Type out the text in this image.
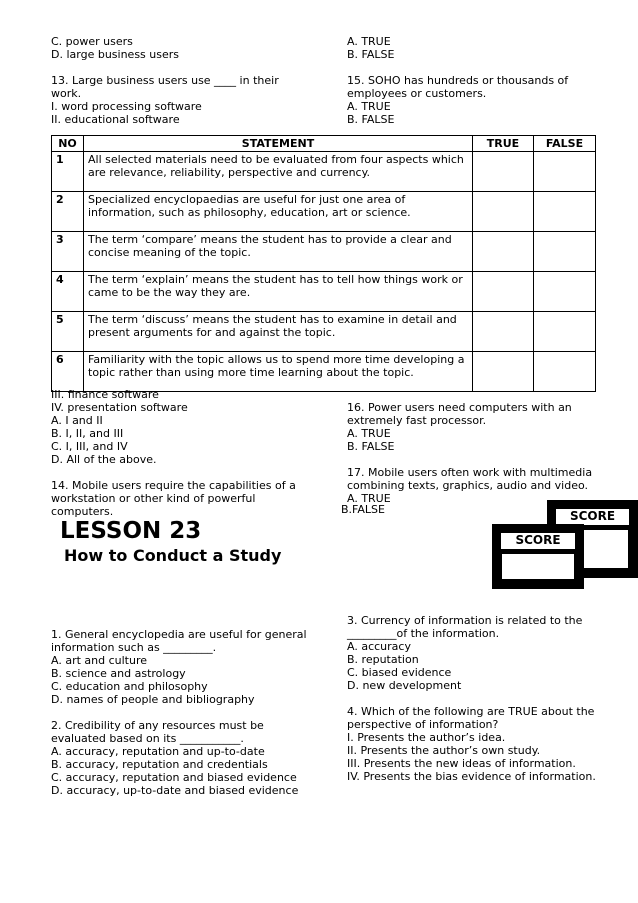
C. power users
D. large business users

13. Large business users use ____ in their
work.
I. word processing software
II. educational software
A. TRUE
B. FALSE

15. SOHO has hundreds or thousands of
employees or customers.
A. TRUE
B. FALSE
NO	STATEMENT	TRUE	FALSE
1	All selected materials need to be evaluated from four aspects which are relevance, reliability, perspective and currency.		
2	Specialized encyclopaedias are useful for just one area of information, such as philosophy, education, art or science.		
3	The term ‘compare’ means the student has to provide a clear and concise meaning of the topic.		
4	The term ‘explain’ means the student has to tell how things work or came to be the way they are.		
5	The term ‘discuss’ means the student has to examine in detail and present arguments for and against the topic.		
6	Familiarity with the topic allows us to spend more time developing a topic rather than using more time learning about the topic.		
III. finance software
IV. presentation software
A. I and II
B. I, II, and III
C. I, III, and IV
D. All of the above.

14. Mobile users require the capabilities of a
workstation or other kind of powerful
computers.
16. Power users need computers with an
extremely fast processor.
A. TRUE
B. FALSE

17. Mobile users often work with multimedia
combining texts, graphics, audio and video.
A. TRUE
B.FALSE	SCORE
SCORE
LESSON 23
How to Conduct a Study
1. General encyclopedia are useful for general
information such as _________.
A. art and culture
B. science and astrology
C. education and philosophy
D. names of people and bibliography

2. Credibility of any resources must be
evaluated based on its ___________.
A. accuracy, reputation and up-to-date
B. accuracy, reputation and credentials
C. accuracy, reputation and biased evidence
D. accuracy, up-to-date and biased evidence
3. Currency of information is related to the
_________of the information.
A. accuracy
B. reputation
C. biased evidence
D. new development

4. Which of the following are TRUE about the
perspective of information?
I. Presents the author’s idea.
II. Presents the author’s own study.
III. Presents the new ideas of information.
IV. Presents the bias evidence of information.
